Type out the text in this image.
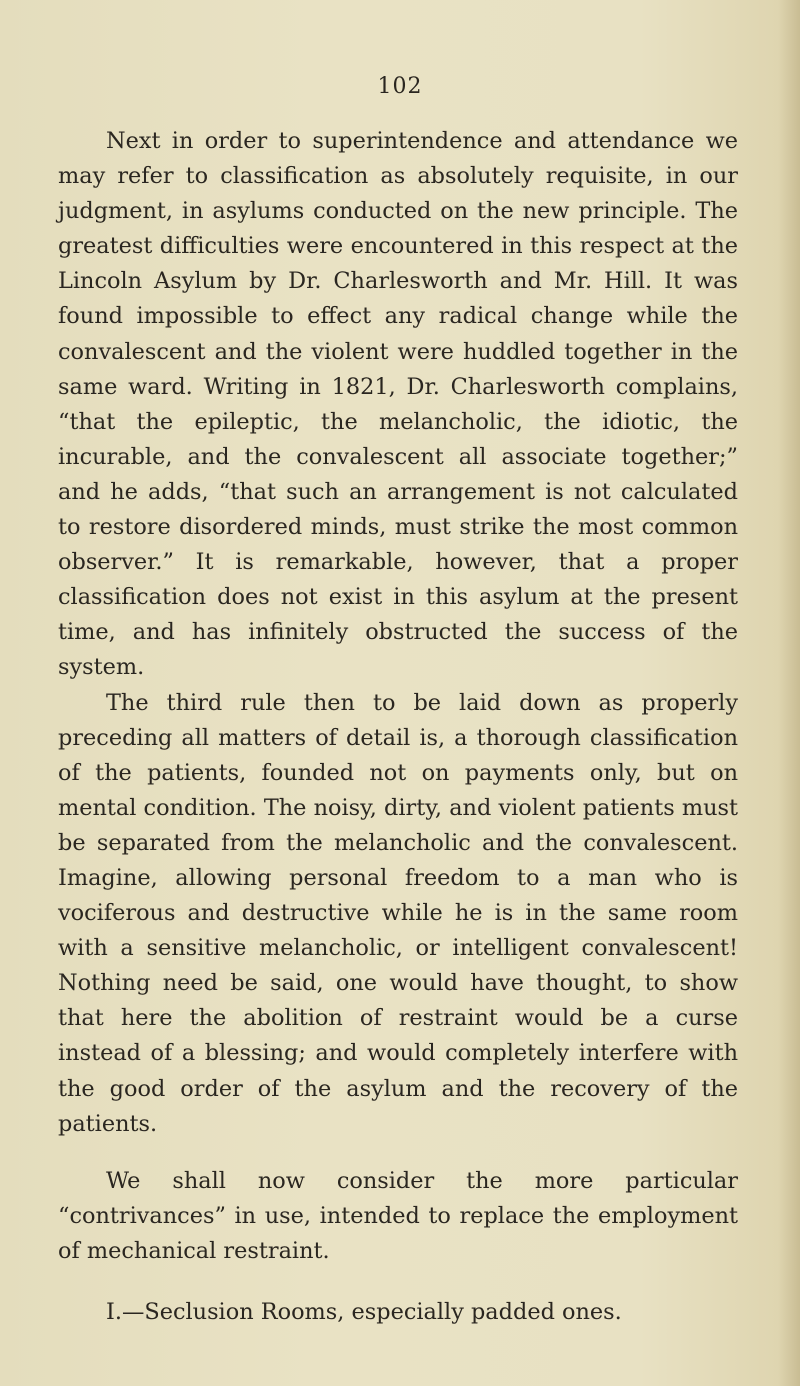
102

Next in order to superintendence and attendance we may refer to classification as absolutely requisite, in our judgment, in asylums conducted on the new principle. The greatest difficulties were encountered in this respect at the Lincoln Asylum by Dr. Charlesworth and Mr. Hill. It was found impossible to effect any radical change while the convalescent and the violent were huddled together in the same ward. Writing in 1821, Dr. Charlesworth complains, “that the epileptic, the melancholic, the idiotic, the incurable, and the convalescent all associate together;” and he adds, “that such an arrangement is not calculated to restore disordered minds, must strike the most common observer.” It is remarkable, however, that a proper classification does not exist in this asylum at the present time, and has infinitely obstructed the success of the system.

The third rule then to be laid down as properly preceding all matters of detail is, a thorough classification of the patients, founded not on payments only, but on mental condition. The noisy, dirty, and violent patients must be separated from the melancholic and the convalescent. Imagine, allowing personal freedom to a man who is vociferous and destructive while he is in the same room with a sensitive melancholic, or intelligent convalescent! Nothing need be said, one would have thought, to show that here the abolition of restraint would be a curse instead of a blessing; and would completely interfere with the good order of the asylum and the recovery of the patients.

We shall now consider the more particular “contrivances” in use, intended to replace the employment of mechanical restraint.

I.—Seclusion Rooms, especially padded ones.
